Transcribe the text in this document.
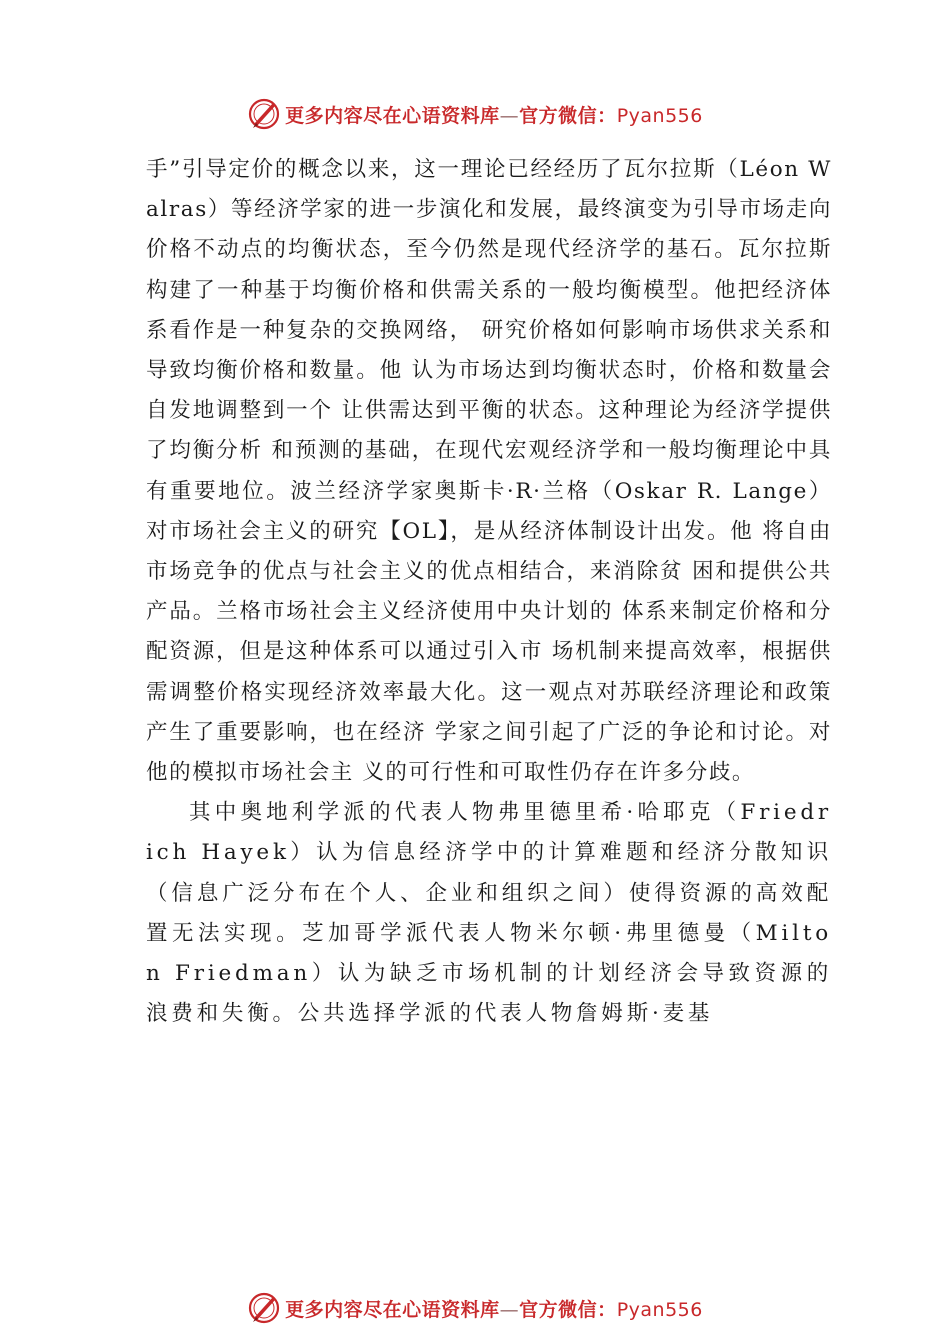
更多内容尽在心语资料库—官方微信：Pyan556

手”引导定价的概念以来，这一理论已经经历了瓦尔拉斯（Léon Walras）等经济学家的进一步演化和发展，最终演变为引导市场走向价格不动点的均衡状态，至今仍然是现代经济学的基石。瓦尔拉斯构建了一种基于均衡价格和供需关系的一般均衡模型。他把经济体系看作是一种复杂的交换网络， 研究价格如何影响市场供求关系和导致均衡价格和数量。他 认为市场达到均衡状态时，价格和数量会自发地调整到一个 让供需达到平衡的状态。这种理论为经济学提供了均衡分析 和预测的基础，在现代宏观经济学和一般均衡理论中具有重要地位。波兰经济学家奥斯卡·R·兰格（Oskar R. Lange） 对市场社会主义的研究【OL】，是从经济体制设计出发。他 将自由市场竞争的优点与社会主义的优点相结合，来消除贫 困和提供公共产品。兰格市场社会主义经济使用中央计划的 体系来制定价格和分配资源，但是这种体系可以通过引入市 场机制来提高效率，根据供需调整价格实现经济效率最大化。这一观点对苏联经济理论和政策产生了重要影响，也在经济 学家之间引起了广泛的争论和讨论。对他的模拟市场社会主 义的可行性和可取性仍存在许多分歧。

其中奥地利学派的代表人物弗里德里希·哈耶克（Friedrich Hayek）认为信息经济学中的计算难题和经济分散知识（信息广泛分布在个人、企业和组织之间）使得资源的高效配置无法实现。芝加哥学派代表人物米尔顿·弗里德曼（Milton Friedman）认为缺乏市场机制的计划经济会导致资源的浪费和失衡。公共选择学派的代表人物詹姆斯·麦基

更多内容尽在心语资料库—官方微信：Pyan556
